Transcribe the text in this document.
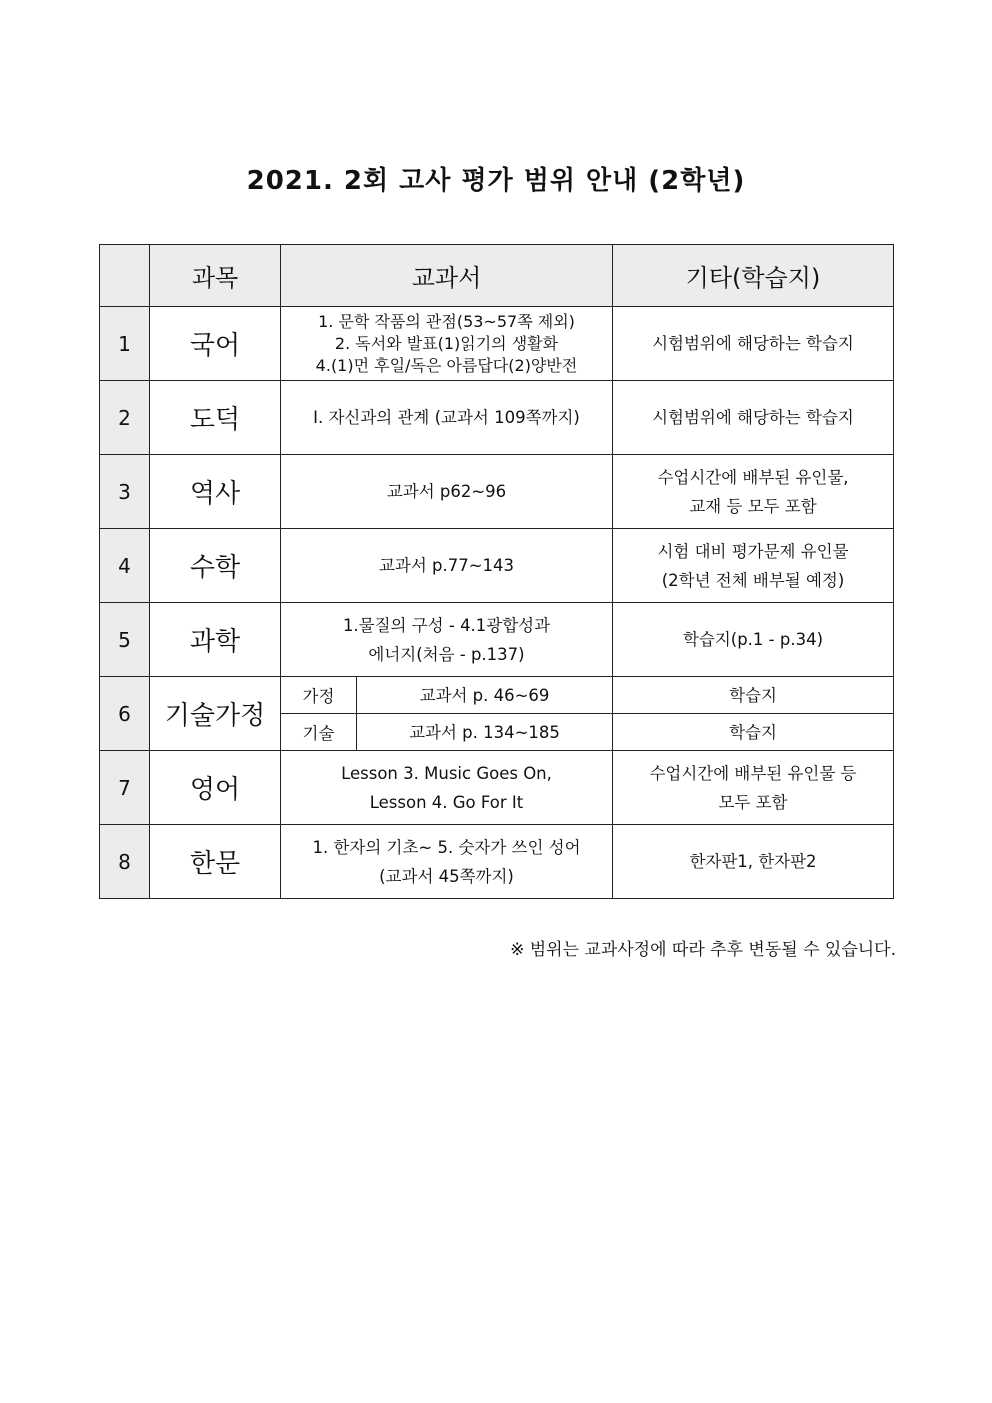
2021. 2회 고사 평가 범위 안내 (2학년)
	과목	교과서		기타(학습지)
1	국어	1. 문학 작품의 관점(53~57쪽 제외)
2. 독서와 발표(1)읽기의 생활화
4.(1)먼 후일/독은 아름답다(2)양반전		시험범위에 해당하는 학습지

2	도덕	I. 자신과의 관계 (교과서 109쪽까지)		시험범위에 해당하는 학습지

3	역사	교과서 p62~96		수업시간에 배부된 유인물,
교재 등 모두 포함

4	수학	교과서 p.77~143		시험 대비 평가문제 유인물
(2학년 전체 배부될 예정)

5	과학	1.물질의 구성 - 4.1광합성과
에너지(처음 - p.137)		학습지(p.1 - p.34)

6	기술가정	가정	교과서 p. 46~69	학습지
		기술	교과서 p. 134~185	학습지
7	영어	Lesson 3. Music Goes On,
Lesson 4. Go For It		수업시간에 배부된 유인물 등
모두 포함

8	한문	1. 한자의 기초~ 5. 숫자가 쓰인 성어
(교과서 45쪽까지)		한자판1, 한자판2
※ 범위는 교과사정에 따라 추후 변동될 수 있습니다.
